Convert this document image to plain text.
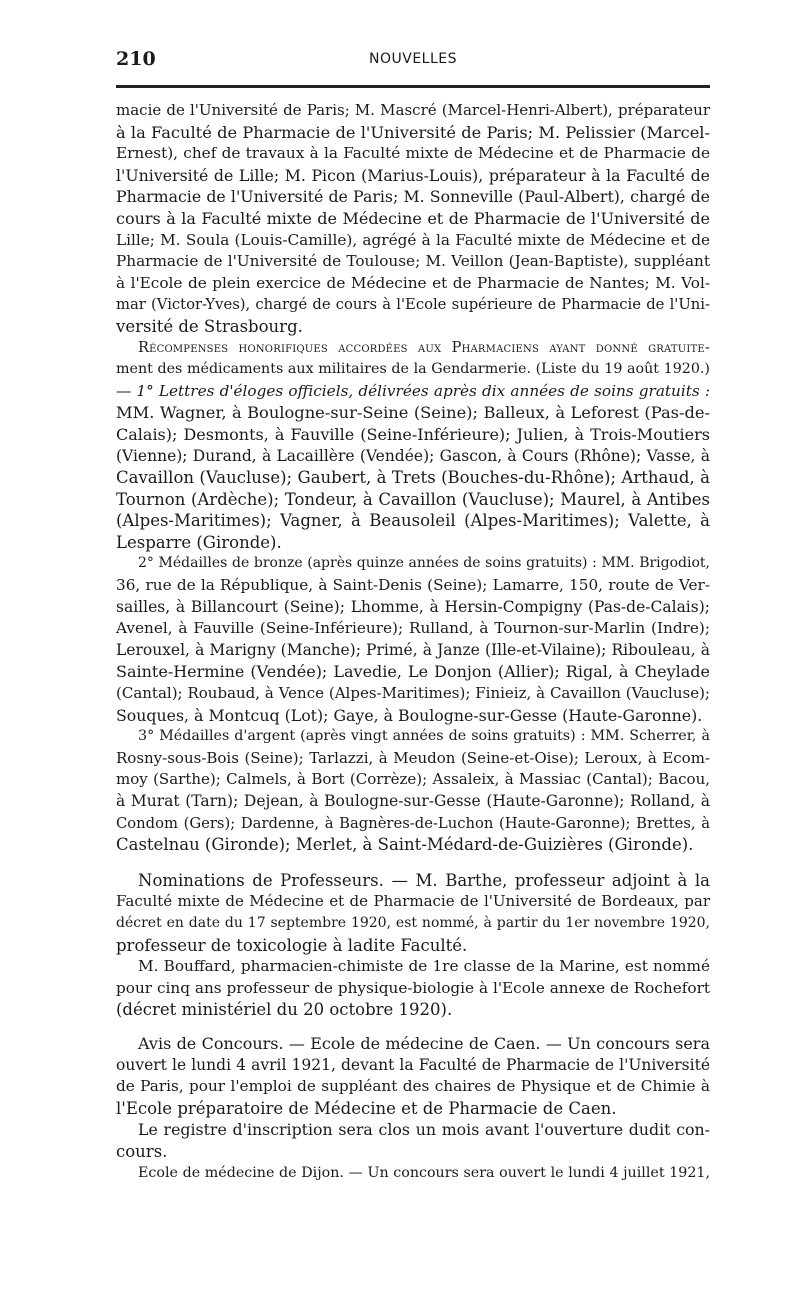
210	NOUVELLES

macie de l'Université de Paris; M. Mascré (Marcel-Henri-Albert), préparateur
à la Faculté de Pharmacie de l'Université de Paris; M. Pelissier (Marcel-
Ernest), chef de travaux à la Faculté mixte de Médecine et de Pharmacie de
l'Université de Lille; M. Picon (Marius-Louis), préparateur à la Faculté de
Pharmacie de l'Université de Paris; M. Sonneville (Paul-Albert), chargé de
cours à la Faculté mixte de Médecine et de Pharmacie de l'Université de
Lille; M. Soula (Louis-Camille), agrégé à la Faculté mixte de Médecine et de
Pharmacie de l'Université de Toulouse; M. Veillon (Jean-Baptiste), suppléant
à l'Ecole de plein exercice de Médecine et de Pharmacie de Nantes; M. Vol-
mar (Victor-Yves), chargé de cours à l'Ecole supérieure de Pharmacie de l'Uni-
versité de Strasbourg.

Récompenses honorifiques accordées aux Pharmaciens ayant donné gratuite-
ment des médicaments aux militaires de la Gendarmerie. (Liste du 19 août 1920.)
— 1° Lettres d'éloges officiels, délivrées après dix années de soins gratuits :
MM. Wagner, à Boulogne-sur-Seine (Seine); Balleux, à Leforest (Pas-de-
Calais); Desmonts, à Fauville (Seine-Inférieure); Julien, à Trois-Moutiers
(Vienne); Durand, à Lacaillère (Vendée); Gascon, à Cours (Rhône); Vasse, à
Cavaillon (Vaucluse); Gaubert, à Trets (Bouches-du-Rhône); Arthaud, à
Tournon (Ardèche); Tondeur, à Cavaillon (Vaucluse); Maurel, à Antibes
(Alpes-Maritimes); Vagner, à Beausoleil (Alpes-Maritimes); Valette, à
Lesparre (Gironde).
2° Médailles de bronze (après quinze années de soins gratuits) : MM. Brigodiot,
36, rue de la République, à Saint-Denis (Seine); Lamarre, 150, route de Ver-
sailles, à Billancourt (Seine); Lhomme, à Hersin-Compigny (Pas-de-Calais);
Avenel, à Fauville (Seine-Inférieure); Rulland, à Tournon-sur-Marlin (Indre);
Lerouxel, à Marigny (Manche); Primé, à Janze (Ille-et-Vilaine); Ribouleau, à
Sainte-Hermine (Vendée); Lavedie, Le Donjon (Allier); Rigal, à Cheylade
(Cantal); Roubaud, à Vence (Alpes-Maritimes); Finieiz, à Cavaillon (Vaucluse);
Souques, à Montcuq (Lot); Gaye, à Boulogne-sur-Gesse (Haute-Garonne).
3° Médailles d'argent (après vingt années de soins gratuits) : MM. Scherrer, à
Rosny-sous-Bois (Seine); Tarlazzi, à Meudon (Seine-et-Oise); Leroux, à Ecom-
moy (Sarthe); Calmels, à Bort (Corrèze); Assaleix, à Massiac (Cantal); Bacou,
à Murat (Tarn); Dejean, à Boulogne-sur-Gesse (Haute-Garonne); Rolland, à
Condom (Gers); Dardenne, à Bagnères-de-Luchon (Haute-Garonne); Brettes, à
Castelnau (Gironde); Merlet, à Saint-Médard-de-Guizières (Gironde).

Nominations de Professeurs. — M. Barthe, professeur adjoint à la
Faculté mixte de Médecine et de Pharmacie de l'Université de Bordeaux, par
décret en date du 17 septembre 1920, est nommé, à partir du 1er novembre 1920,
professeur de toxicologie à ladite Faculté.
M. Bouffard, pharmacien-chimiste de 1re classe de la Marine, est nommé
pour cinq ans professeur de physique-biologie à l'Ecole annexe de Rochefort
(décret ministériel du 20 octobre 1920).

Avis de Concours. — Ecole de médecine de Caen. — Un concours sera
ouvert le lundi 4 avril 1921, devant la Faculté de Pharmacie de l'Université
de Paris, pour l'emploi de suppléant des chaires de Physique et de Chimie à
l'Ecole préparatoire de Médecine et de Pharmacie de Caen.
Le registre d'inscription sera clos un mois avant l'ouverture dudit con-
cours.
Ecole de médecine de Dijon. — Un concours sera ouvert le lundi 4 juillet 1921,
